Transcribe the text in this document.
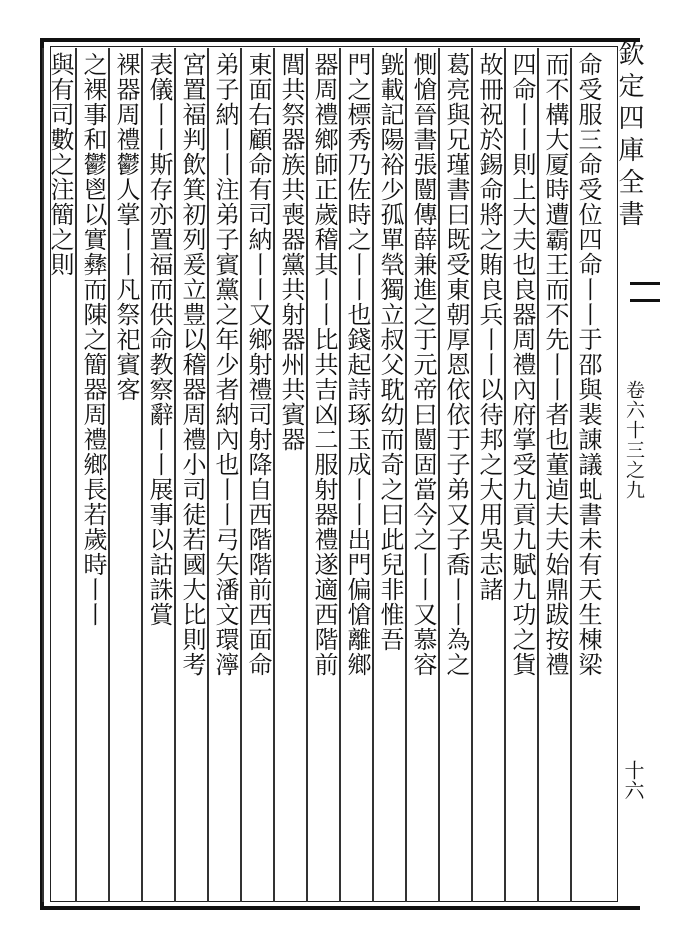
欽定四庫全書
卷六十三之九
十六
命受服三命受位四命丨丨于邵與裴諌議虬書未有天生棟梁
而不構大厦時遭霸王而不先丨丨者也董逌夫夫始鼎跋按禮
四命丨丨則上大夫也良器周禮內府掌受九貢九賦九功之貨
故冊祝於錫命將之賄良兵丨丨以待邦之大用吳志諸
葛亮與兄瑾書曰既受東朝厚恩依依于子弟又子喬丨丨為之
惻愴晉書張闓傳薛兼進之于元帝曰闓固當今之丨丨又慕容
皝載記陽裕少孤單煢獨立叔父耽幼而奇之曰此兒非惟吾
門之標秀乃佐時之丨丨也錢起詩琢玉成丨丨出門偏愴離鄉
器周禮鄉師正歲稽其丨丨比共吉凶二服射器禮遂適西階前
閭共祭器族共喪器黨共射器州共賓器
東面右顧命有司納丨丨又鄉射禮司射降自西階階前西面命
弟子納丨丨注弟子賓黨之年少者納內也丨丨弓矢潘文環濘
宮置福判飲箕初列爰立豊以稽器周禮小司徒若國大比則考
表儀丨丨斯存亦置福而供命教察辭丨丨展事以詁誅賞
裸器周禮鬱人掌丨丨凡祭祀賓客
之裸事和鬱鬯以實彝而陳之簡器周禮鄉長若歲時丨丨
與有司數之注簡之則
